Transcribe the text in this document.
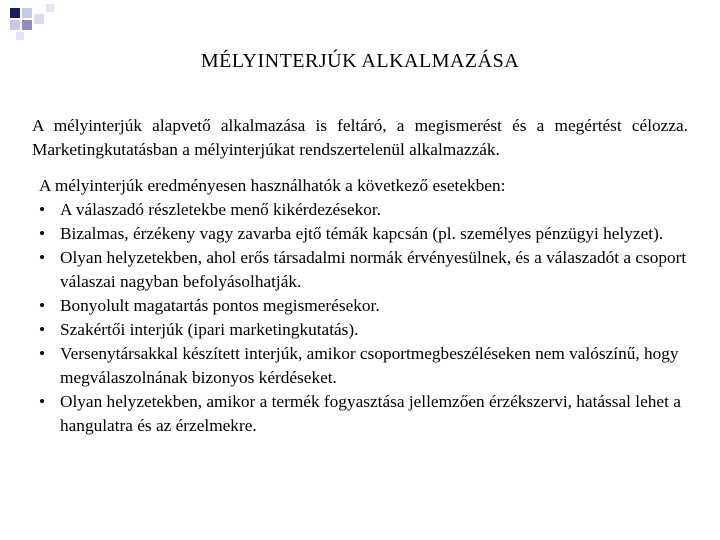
MÉLYINTERJÚK ALKALMAZÁSA

A mélyinterjúk alapvető alkalmazása is feltáró, a megismerést és a megértést célozza. Marketingkutatásban a mélyinterjúkat rendszertelenül alkalmazzák.

A mélyinterjúk eredményesen használhatók a következő esetekben:

• A válaszadó részletekbe menő kikérdezésekor.
• Bizalmas, érzékeny vagy zavarba ejtő témák kapcsán (pl. személyes pénzügyi helyzet).
• Olyan helyzetekben, ahol erős társadalmi normák érvényesülnek, és a válaszadót a csoport válaszai nagyban befolyásolhatják.
• Bonyolult magatartás pontos megismerésekor.
• Szakértői interjúk (ipari marketingkutatás).
• Versenytársakkal készített interjúk, amikor csoportmegbeszéléseken nem valószínű, hogy megválaszolnának bizonyos kérdéseket.
• Olyan helyzetekben, amikor a termék fogyasztása jellemzően érzékszervi, hatással lehet a hangulatra és az érzelmekre.
